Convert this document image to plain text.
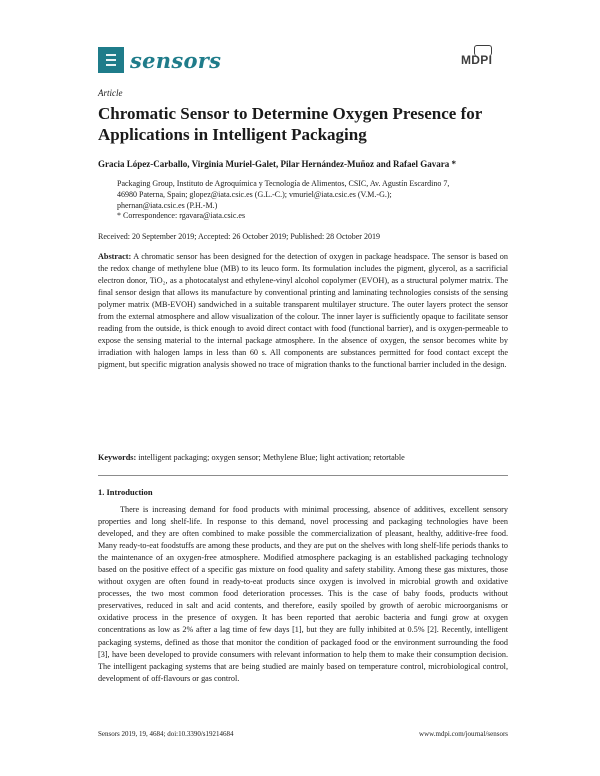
sensors	MDPI
Article
Chromatic Sensor to Determine Oxygen Presence for Applications in Intelligent Packaging
Gracia López-Carballo, Virginia Muriel-Galet, Pilar Hernández-Muñoz and Rafael Gavara *
Packaging Group, Instituto de Agroquímica y Tecnología de Alimentos, CSIC, Av. Agustín Escardino 7,
46980 Paterna, Spain; glopez@iata.csic.es (G.L.-C.); vmuriel@iata.csic.es (V.M.-G.);
phernan@iata.csic.es (P.H.-M.)
* Correspondence: rgavara@iata.csic.es
Received: 20 September 2019; Accepted: 26 October 2019; Published: 28 October 2019

Abstract: A chromatic sensor has been designed for the detection of oxygen in package headspace. The sensor is based on the redox change of methylene blue (MB) to its leuco form. Its formulation includes the pigment, glycerol, as a sacrificial electron donor, TiO₂, as a photocatalyst and ethylene-vinyl alcohol copolymer (EVOH), as a structural polymer matrix. The final sensor design that allows its manufacture by conventional printing and laminating technologies consists of the sensing polymer matrix (MB-EVOH) sandwiched in a suitable transparent multilayer structure. The outer layers protect the sensor from the external atmosphere and allow visualization of the colour. The inner layer is sufficiently opaque to facilitate sensor reading from the outside, is thick enough to avoid direct contact with food (functional barrier), and is oxygen-permeable to expose the sensing material to the internal package atmosphere. In the absence of oxygen, the sensor becomes white by irradiation with halogen lamps in less than 60 s. All components are substances permitted for food contact except the pigment, but specific migration analysis showed no trace of migration thanks to the functional barrier included in the design.

Keywords: intelligent packaging; oxygen sensor; Methylene Blue; light activation; retortable
1. Introduction

There is increasing demand for food products with minimal processing, absence of additives, excellent sensory properties and long shelf-life. In response to this demand, novel processing and packaging technologies have been developed, and they are often combined to make possible the commercialization of pleasant, healthy, additive-free food. Many ready-to-eat foodstuffs are among these products, and they are put on the shelves with long shelf-life periods thanks to the maintenance of an oxygen-free atmosphere. Modified atmosphere packaging is an established packaging technology based on the positive effect of a specific gas mixture on food quality and safety stability. Among these gas mixtures, those without oxygen are often found in ready-to-eat products since oxygen is involved in microbial growth and oxidative processes, the two most common food deterioration processes. This is the case of baby foods, products without preservatives, reduced in salt and acid contents, and therefore, easily spoiled by growth of aerobic microorganisms or oxidative process in the presence of oxygen. It has been reported that aerobic bacteria and fungi grow at oxygen concentrations as low as 2% after a lag time of few days [1], but they are fully inhibited at 0.5% [2]. Recently, intelligent packaging systems, defined as those that monitor the condition of packaged food or the environment surrounding the food [3], have been developed to provide consumers with relevant information to help them to make their consumption decision. The intelligent packaging systems that are being studied are mainly based on temperature control, microbiological control, development of off-flavours or gas control.

Sensors 2019, 19, 4684; doi:10.3390/s19214684	www.mdpi.com/journal/sensors
